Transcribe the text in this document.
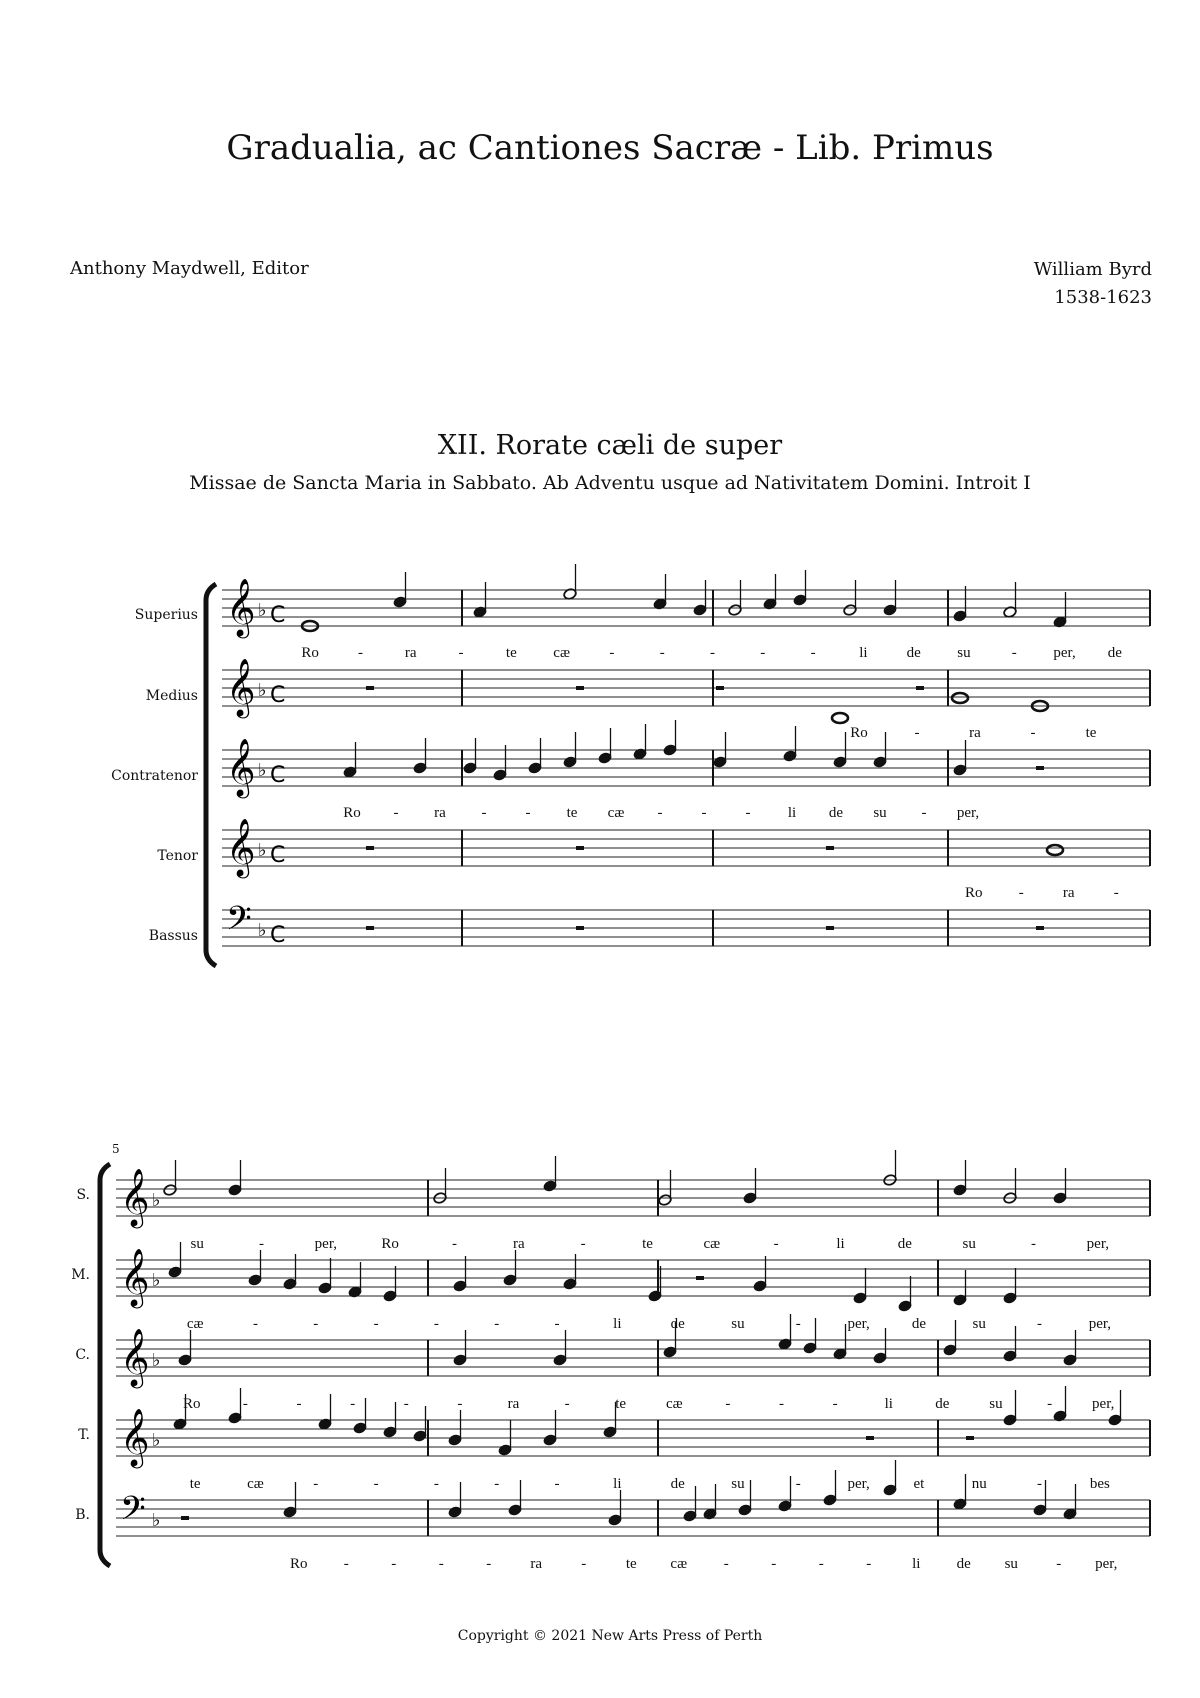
Gradualia, ac Cantiones Sacræ - Lib. Primus
Anthony Maydwell, Editor	William Byrd
1538-1623
XII. Rorate cæli de super
Missae de Sancta Maria in Sabbato. Ab Adventu usque ad Nativitatem Domini. Introit I
Superius
Medius
Contratenor
Tenor
Bassus
5
S.
M.
C.
T.
B.
𝄞 ♭ C
𝄞 ♭ C
𝄞 ♭ C
𝄞 ♭ C
𝄢 ♭ C
Ro	-	ra	-	te cæ	-	-	-	-	-	li	de su	- per, de
Ro	-	ra	-	te
Ro - ra -	- te cæ -	-	- li de su - per,
Ro -	ra	-
𝄞 ♭
𝄞 ♭
𝄞 ♭
𝄞 ♭
𝄢 ♭
su	-	per,	Ro	-	ra	-	te	cæ	-	li	de	su	-	per,
cæ	-	-	-	-	-	-	li	de	su	-	per,	de	su	-	per,
Ro	-	-	-	-	-	ra	-	te	cæ	-	-	-	li	de	su	-	per,
te	cæ	-	-	-	-	-	li	de	su	-	per,	et	nu	-	bes
Ro -	-	-	-	ra	-	te cæ -	-	-	-	li de su	- per,
Copyright © 2021 New Arts Press of Perth
